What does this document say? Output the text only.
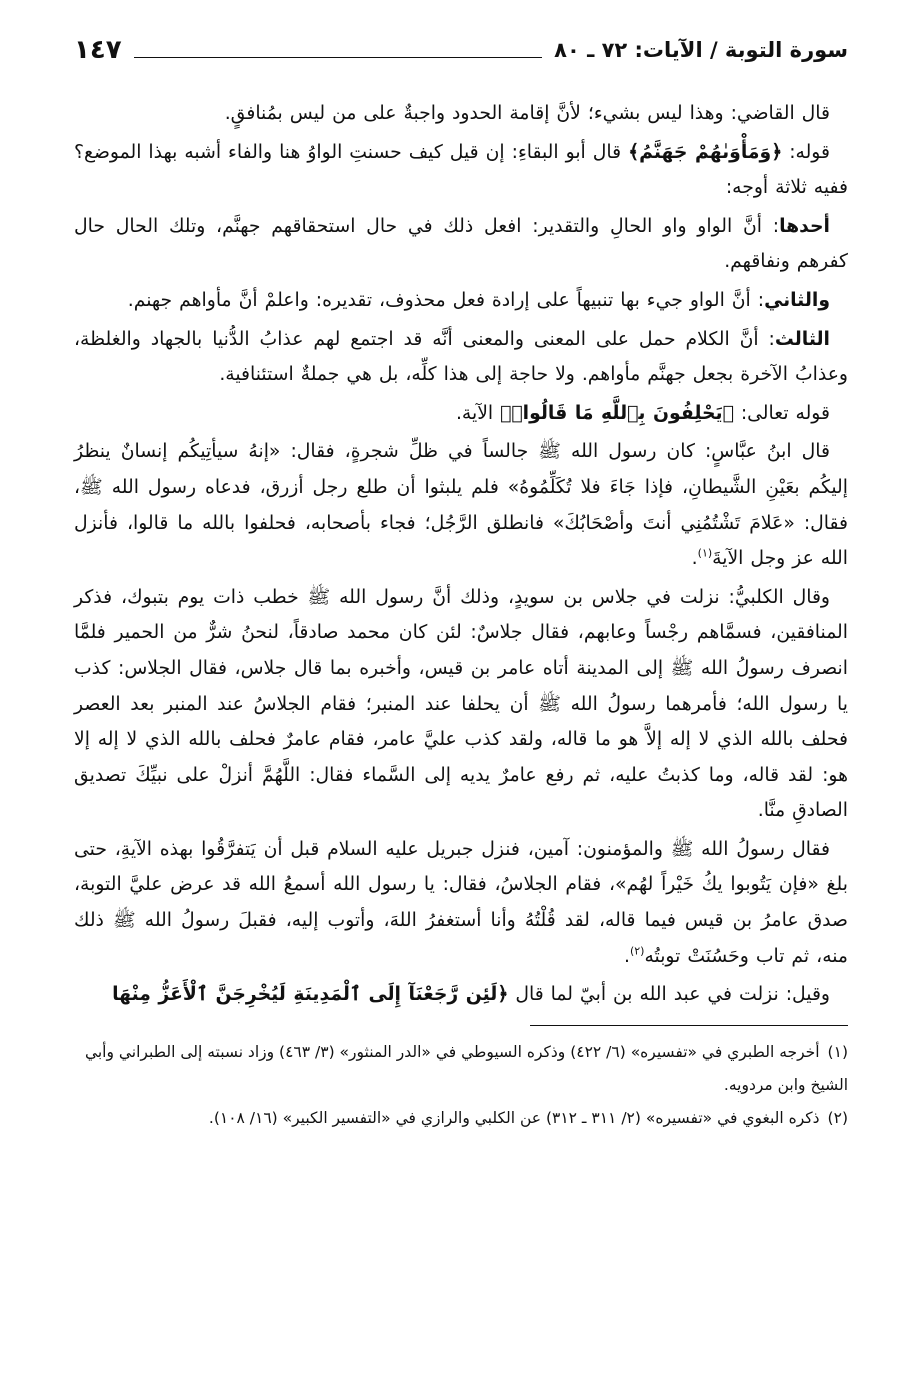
سورة التوبة / الآيات: ٧٢ ـ ٨٠
١٤٧

قال القاضي: وهذا ليس بشيء؛ لأنَّ إقامة الحدود واجبةٌ على من ليس بمُنافقٍ.

قوله: ﴿وَمَأْوَىٰهُمْ جَهَنَّمُ﴾ قال أبو البقاءِ: إن قيل كيف حسنتِ الواوُ هنا والفاء أشبه بهذا الموضع؟ ففيه ثلاثة أوجه:

أحدها: أنَّ الواو واو الحالِ والتقدير: افعل ذلك في حال استحقاقهم جهنَّم، وتلك الحال حال كفرهم ونفاقهم.

والثاني: أنَّ الواو جيء بها تنبيهاً على إرادة فعل محذوف، تقديره: واعلمْ أنَّ مأواهم جهنم.

الثالث: أنَّ الكلام حمل على المعنى والمعنى أنَّه قد اجتمع لهم عذابُ الدُّنيا بالجهاد والغلظة، وعذابُ الآخرة بجعل جهنَّم مأواهم. ولا حاجة إلى هذا كلِّه، بل هي جملةٌ استئنافية.

قوله تعالى: ﴿يَحْلِفُونَ بِٱللَّهِ مَا قَالُوا۟﴾ الآية.

قال ابنُ عبَّاسٍ: كان رسول الله ﷺ جالساً في ظلِّ شجرةٍ، فقال: «إنهُ سيأتِيكُم إنسانٌ ينظرُ إليكُم بعَيْنِ الشَّيطانِ، فإذا جَاءَ فلا تُكَلِّمُوهُ» فلم يلبثوا أن طلع رجل أزرق، فدعاه رسول الله ﷺ، فقال: «عَلامَ تَشْتُمُنِي أنتَ وأصْحَابُكَ» فانطلق الرَّجُل؛ فجاء بأصحابه، فحلفوا بالله ما قالوا، فأنزل الله عز وجل الآيةَ$^{(١)}$.

وقال الكلبيُّ: نزلت في جلاس بن سويدٍ، وذلك أنَّ رسول الله ﷺ خطب ذات يوم بتبوك، فذكر المنافقين، فسمَّاهم رجْساً وعابهم، فقال جلاسٌ: لئن كان محمد صادقاً، لنحنُ شرٌّ من الحمير فلمَّا انصرف رسولُ الله ﷺ إلى المدينة أتاه عامر بن قيس، وأخبره بما قال جلاس، فقال الجلاس: كذب يا رسول الله؛ فأمرهما رسولُ الله ﷺ أن يحلفا عند المنبر؛ فقام الجلاسُ عند المنبر بعد العصر فحلف بالله الذي لا إله إلاَّ هو ما قاله، ولقد كذب عليَّ عامر، فقام عامرٌ فحلف بالله الذي لا إله إلا هو: لقد قاله، وما كذبتُ عليه، ثم رفع عامرٌ يديه إلى السَّماء فقال: اللَّهُمَّ أنزلْ على نبيِّكَ تصديق الصادقِ منَّا.

فقال رسولُ الله ﷺ والمؤمنون: آمين، فنزل جبريل عليه السلام قبل أن يَتفرَّقُوا بهذه الآيةِ، حتى بلغ «فإن يَتُوبوا يكُ خَيْراً لهُم»، فقام الجلاسُ، فقال: يا رسول الله أسمعُ الله قد عرض عليَّ التوبة، صدق عامرُ بن قيس فيما قاله، لقد قُلْتُهُ وأنا أستغفرُ اللهَ، وأتوب إليه، فقبلَ رسولُ الله ﷺ ذلك منه، ثم تاب وحَسُنَتْ توبتُه$^{(٢)}$.

وقيل: نزلت في عبد الله بن أبيّ لما قال ﴿لَئِن رَّجَعْنَآ إِلَى ٱلْمَدِينَةِ لَيُخْرِجَنَّ ٱلْأَعَزُّ مِنْهَا

(١)أخرجه الطبري في «تفسيره» (٦/ ٤٢٢) وذكره السيوطي في «الدر المنثور» (٣/ ٤٦٣) وزاد نسبته إلى الطبراني وأبي الشيخ وابن مردويه.

(٢)ذكره البغوي في «تفسيره» (٢/ ٣١١ ـ ٣١٢) عن الكلبي والرازي في «التفسير الكبير» (١٦/ ١٠٨).
